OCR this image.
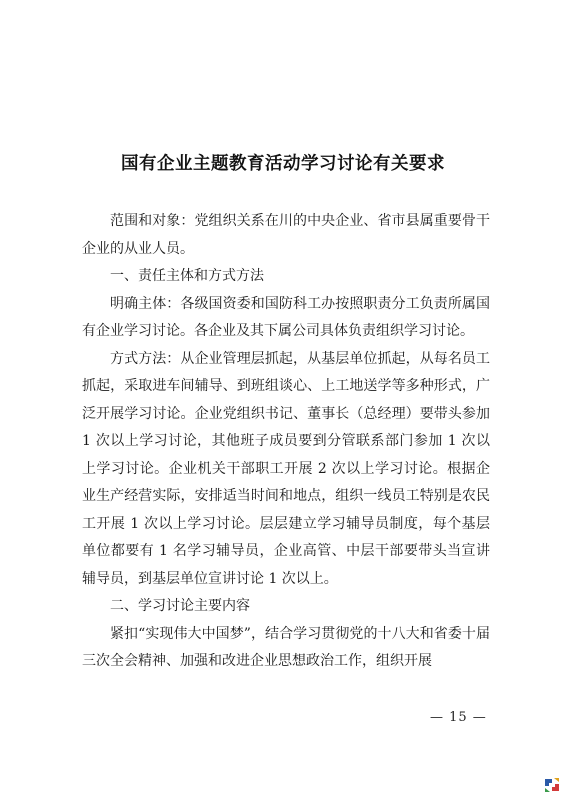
国有企业主题教育活动学习讨论有关要求

范围和对象：党组织关系在川的中央企业、省市县属重要骨干企业的从业人员。

一、责任主体和方式方法

明确主体：各级国资委和国防科工办按照职责分工负责所属国有企业学习讨论。各企业及其下属公司具体负责组织学习讨论。

方式方法：从企业管理层抓起，从基层单位抓起，从每名员工抓起，采取进车间辅导、到班组谈心、上工地送学等多种形式，广泛开展学习讨论。企业党组织书记、董事长（总经理）要带头参加 1 次以上学习讨论，其他班子成员要到分管联系部门参加 1 次以上学习讨论。企业机关干部职工开展 2 次以上学习讨论。根据企业生产经营实际，安排适当时间和地点，组织一线员工特别是农民工开展 1 次以上学习讨论。层层建立学习辅导员制度，每个基层单位都要有 1 名学习辅导员，企业高管、中层干部要带头当宣讲辅导员，到基层单位宣讲讨论 1 次以上。

二、学习讨论主要内容

紧扣“实现伟大中国梦”，结合学习贯彻党的十八大和省委十届三次全会精神、加强和改进企业思想政治工作，组织开展

— 15 —
